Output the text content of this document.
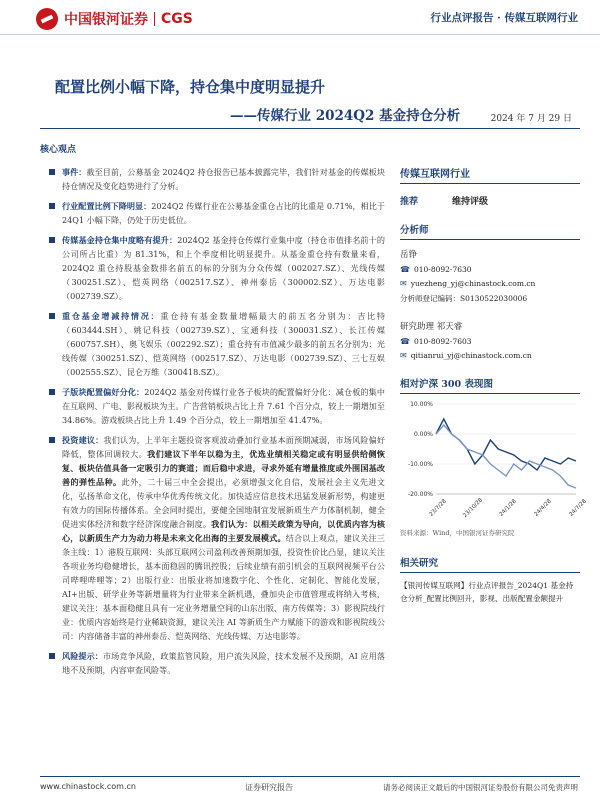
中国银河证券 CGS	行业点评报告 · 传媒互联网行业
配置比例小幅下降，持仓集中度明显提升
——传媒行业 2024Q2 基金持仓分析	2024 年 7 月 29 日
核心观点
事件：截至目前，公募基金 2024Q2 持仓报告已基本披露完毕，我们针对基金的传媒板块持仓情况及变化趋势进行了分析。
行业配置比例下降明显：2024Q2 传媒行业在公募基金重仓占比的比重是 0.71%，相比于 24Q1 小幅下降，仍处于历史低位。
传媒基金持仓集中度略有提升：2024Q2 基金持仓传媒行业集中度（持仓市值排名前十的公司所占比重）为 81.31%，和上个季度相比明显提升。从基金重仓持有数量来看，2024Q2 重仓持股基金数排名前五的标的分别为分众传媒（002027.SZ）、光线传媒（300251.SZ）、恺英网络（002517.SZ）、神州泰岳（300002.SZ）、万达电影（002739.SZ）。
重仓基金增减持情况：重仓持有基金数量增幅最大的前五名分别为：吉比特（603444.SH）、姚记科技（002739.SZ）、宝通科技（300031.SZ）、长江传媒（600757.SH）、奥飞娱乐（002292.SZ）；重仓持有市值减少最多的前五名分别为：光线传媒（300251.SZ）、恺英网络（002517.SZ）、万达电影（002739.SZ）、三七互娱（002555.SZ）、昆仑万维（300418.SZ）。
子版块配置偏好分化：2024Q2 基金对传媒行业各子板块的配置偏好分化：减仓板的集中在互联网、广电、影视板块为主。广告营销板块占比上升 7.61 个百分点，较上一期增加至 34.86%。游戏板块占比上升 1.49 个百分点，较上一期增加至 41.47%。
投资建议：我们认为，上半年主题投资客观波动叠加行业基本面预期减弱，市场风险偏好降低，整体回调较大。我们建议下半年以稳为主，优选业绩相关稳定或有明显供给侧恢复、板块估值具备一定吸引力的赛道；而后稳中求进，寻求外延有增量推度或外围国基改善的弹性品种。此外，二十届三中全会提出，必须增强文化自信，发展社会主义先进文化，弘扬革命文化，传承中华优秀传统文化。加快适应信息技术迅猛发展新形势，构建更有效力的国际传播体系。全会同时提出，要健全国地制宜发展新质生产力体制机制，健全促进实体经济和数字经济深度融合制度。我们认为：以相关政策为导向，以优质内容为核心，以新质生产力为动力将是未来文化出海的主要发展模式。结合以上观点，建议关注三条主线：1）港股互联网：头部互联网公司盈利改善预期加强，投资性价比凸显，建议关注各项业务均稳健增长，基本面稳固的腾讯控股；后续业绩有前引机会的互联网视频平台公司哔哩哔哩等；2）出版行业：出版业将加速数字化、个性化、定制化、智能化发展，AI+出版、研学业务等新增量将为行业带来全新机遇，叠加央企市值管理或将纳入考核，建议关注：基本面稳健且具有一定业务增量空间的山东出版、南方传媒等；3）影视院线行业：优质内容始终是行业稀缺资源，建议关注 AI 等新质生产力赋能下的游戏和影视院线公司：内容储备丰富的神州泰岳、恺英网络、光线传媒、万达电影等。
风险提示：市场竞争风险，政策监管风险，用户流失风险，技术发展不及预期，AI 应用落地不及预期，内容审查风险等。
传媒互联网行业
推荐	维持评级
分析师
岳铮
☎ 010-8092-7630
✉ yuezheng_yj@chinastock.com.cn
分析师登记编码：S0130522030006
研究助理 祁天睿
☎ 010-8092-7603
✉ qitianrui_yj@chinastock.com.cn
相对沪深 300 表现图
10.00%
0.00%
-10.00%
-20.00%
23/7/28	23/10/28	24/1/28	24/4/28	24/7/28
资料来源：Wind，中国银河证券研究院
相关研究
【银河传媒互联网】行业点评报告_2024Q1 基金持仓分析_配置比例回升，影视、出版配置金额提升
www.chinastock.com.cn	证券研究报告	请务必阅读正文最后的中国银河证券股份有限公司免责声明
